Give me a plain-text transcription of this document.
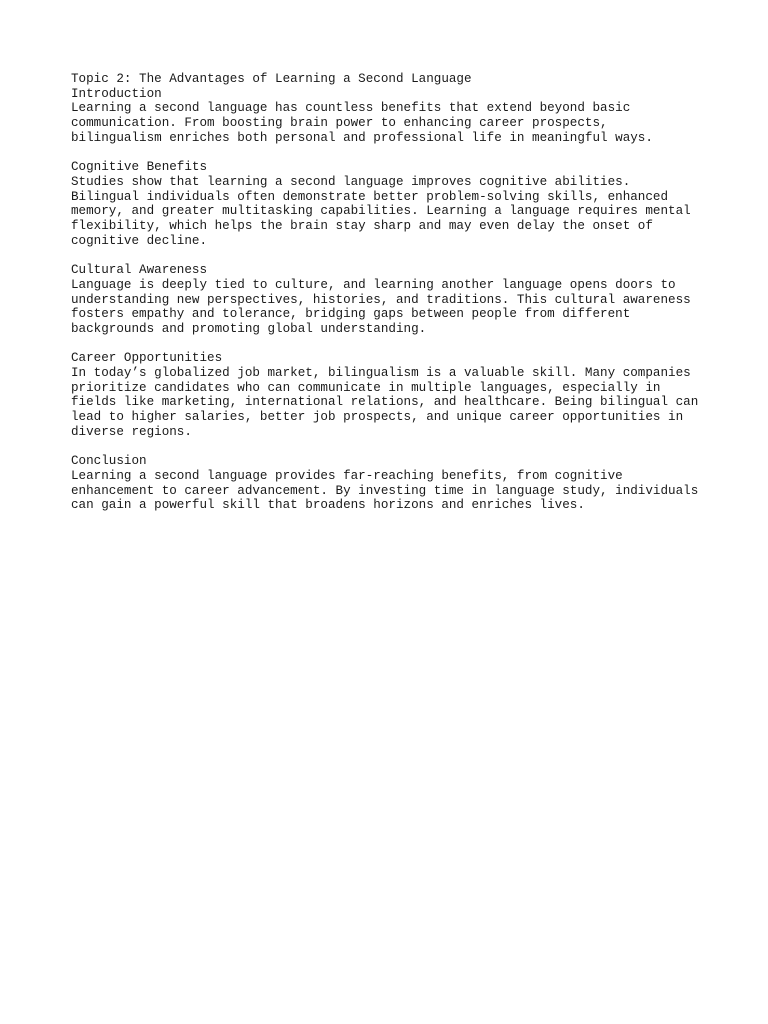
Topic 2: The Advantages of Learning a Second Language
Introduction
Learning a second language has countless benefits that extend beyond basic
communication. From boosting brain power to enhancing career prospects,
bilingualism enriches both personal and professional life in meaningful ways.
Cognitive Benefits
Studies show that learning a second language improves cognitive abilities.
Bilingual individuals often demonstrate better problem-solving skills, enhanced
memory, and greater multitasking capabilities. Learning a language requires mental
flexibility, which helps the brain stay sharp and may even delay the onset of
cognitive decline.
Cultural Awareness
Language is deeply tied to culture, and learning another language opens doors to
understanding new perspectives, histories, and traditions. This cultural awareness
fosters empathy and tolerance, bridging gaps between people from different
backgrounds and promoting global understanding.
Career Opportunities
In today’s globalized job market, bilingualism is a valuable skill. Many companies
prioritize candidates who can communicate in multiple languages, especially in
fields like marketing, international relations, and healthcare. Being bilingual can
lead to higher salaries, better job prospects, and unique career opportunities in
diverse regions.
Conclusion
Learning a second language provides far-reaching benefits, from cognitive
enhancement to career advancement. By investing time in language study, individuals
can gain a powerful skill that broadens horizons and enriches lives.
